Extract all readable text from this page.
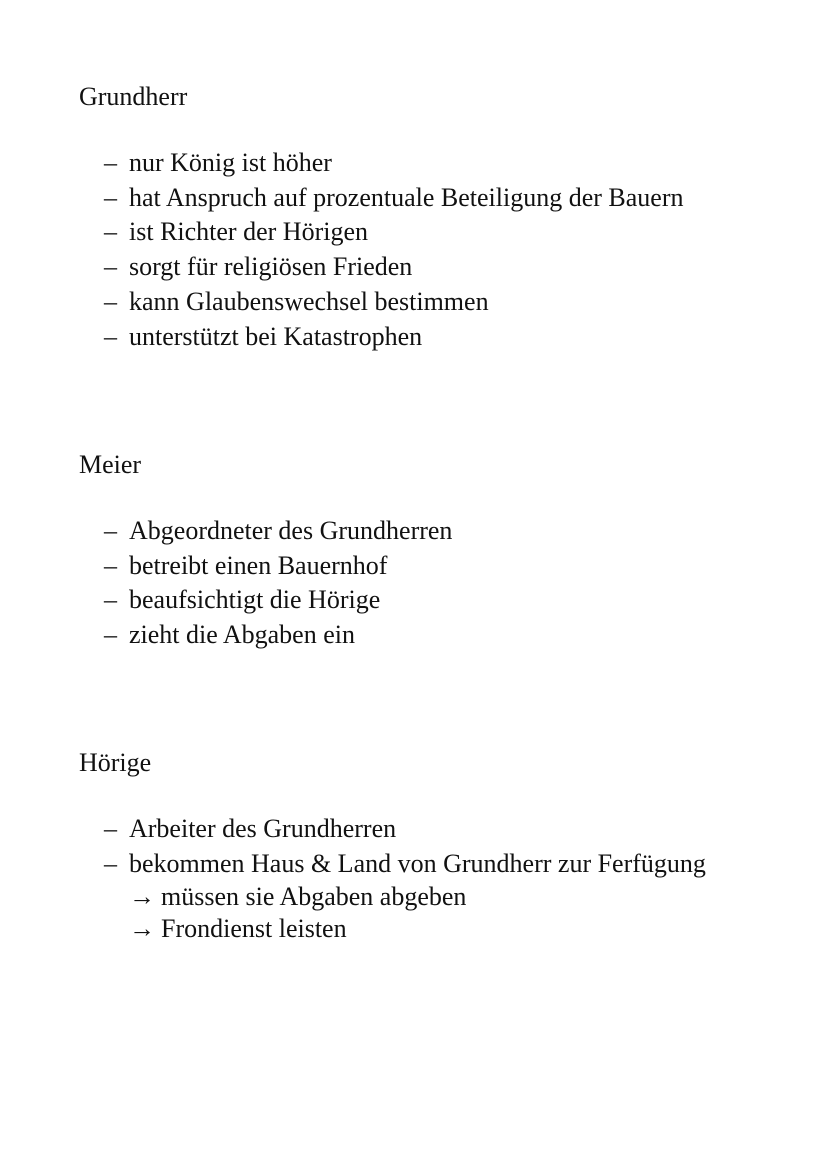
Grundherr

– nur König ist höher
– hat Anspruch auf prozentuale Beteiligung der Bauern
– ist Richter der Hörigen
– sorgt für religiösen Frieden
– kann Glaubenswechsel bestimmen
– unterstützt bei Katastrophen

Meier

– Abgeordneter des Grundherren
– betreibt einen Bauernhof
– beaufsichtigt die Hörige
– zieht die Abgaben ein

Hörige

– Arbeiter des Grundherren
– bekommen Haus & Land von Grundherr zur Ferfügung
→ müssen sie Abgaben abgeben
→ Frondienst leisten
